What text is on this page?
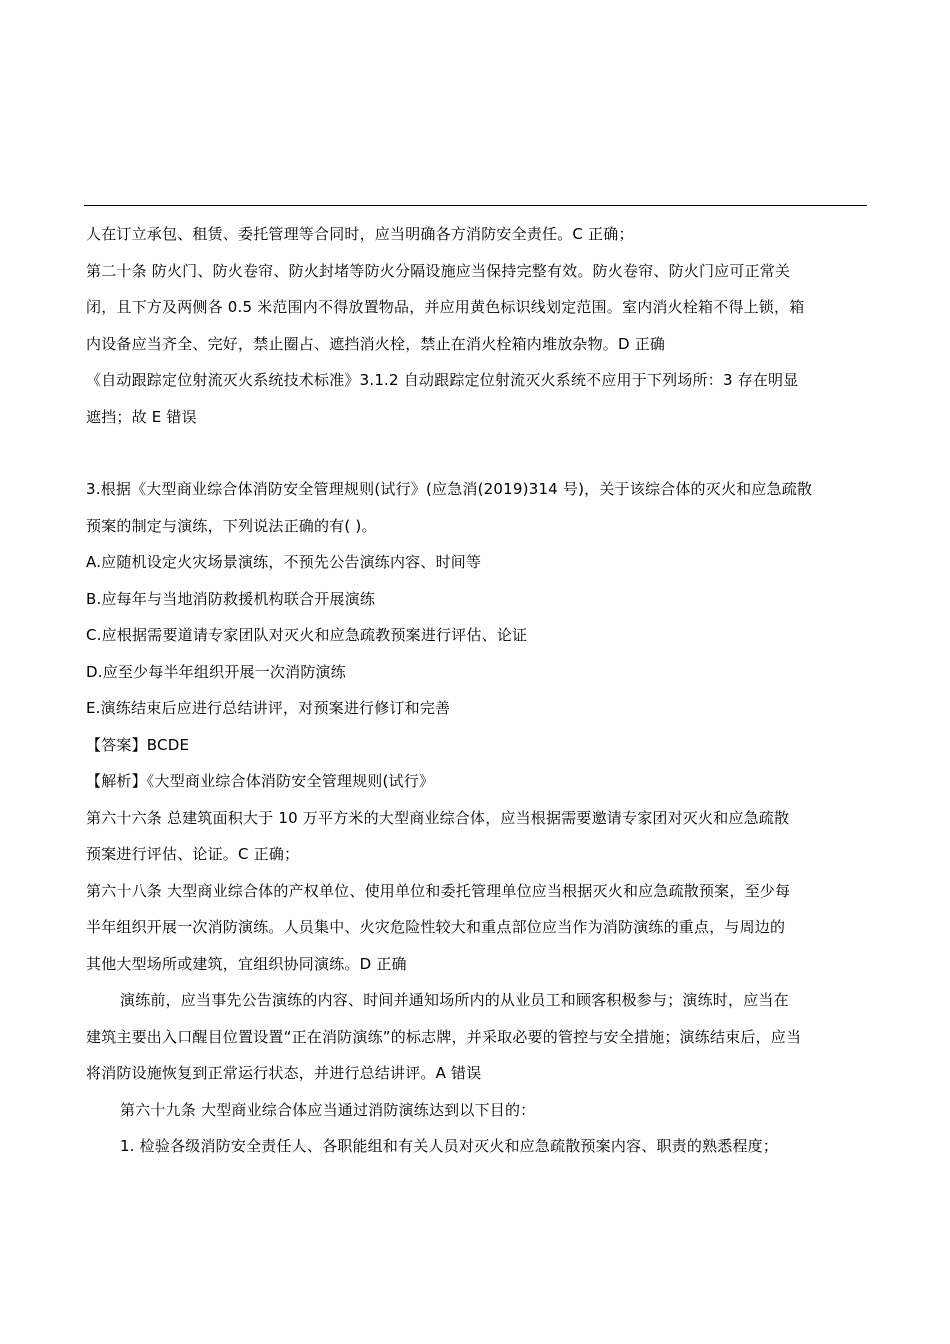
人在订立承包、租赁、委托管理等合同时，应当明确各方消防安全责任。C 正确；
第二十条 防火门、防火卷帘、防火封堵等防火分隔设施应当保持完整有效。防火卷帘、防火门应可正常关
闭，且下方及两侧各 0.5 米范围内不得放置物品，并应用黄色标识线划定范围。室内消火栓箱不得上锁，箱
内设备应当齐全、完好，禁止圈占、遮挡消火栓，禁止在消火栓箱内堆放杂物。D 正确
《自动跟踪定位射流灭火系统技术标准》3.1.2 自动跟踪定位射流灭火系统不应用于下列场所：3 存在明显
遮挡；故 E 错误
3.根据《大型商业综合体消防安全管理规则(试行》(应急消(2019)314 号)，关于该综合体的灭火和应急疏散
预案的制定与演练，下列说法正确的有( )。
A.应随机设定火灾场景演练，不预先公告演练内容、时间等
B.应每年与当地消防救援机构联合开展演练
C.应根据需要道请专家团队对灭火和应急疏教预案进行评估、论证
D.应至少每半年组织开展一次消防演练
E.演练结束后应进行总结讲评，对预案进行修订和完善
【答案】BCDE
【解析】《大型商业综合体消防安全管理规则(试行》
第六十六条 总建筑面积大于 10 万平方米的大型商业综合体，应当根据需要邀请专家团对灭火和应急疏散
预案进行评估、论证。C 正确；
第六十八条 大型商业综合体的产权单位、使用单位和委托管理单位应当根据灭火和应急疏散预案，至少每
半年组织开展一次消防演练。人员集中、火灾危险性较大和重点部位应当作为消防演练的重点，与周边的
其他大型场所或建筑，宜组织协同演练。D 正确
演练前，应当事先公告演练的内容、时间并通知场所内的从业员工和顾客积极参与；演练时，应当在
建筑主要出入口醒目位置设置“正在消防演练”的标志牌，并采取必要的管控与安全措施；演练结束后，应当
将消防设施恢复到正常运行状态，并进行总结讲评。A 错误
第六十九条 大型商业综合体应当通过消防演练达到以下目的：
1. 检验各级消防安全责任人、各职能组和有关人员对灭火和应急疏散预案内容、职责的熟悉程度；
